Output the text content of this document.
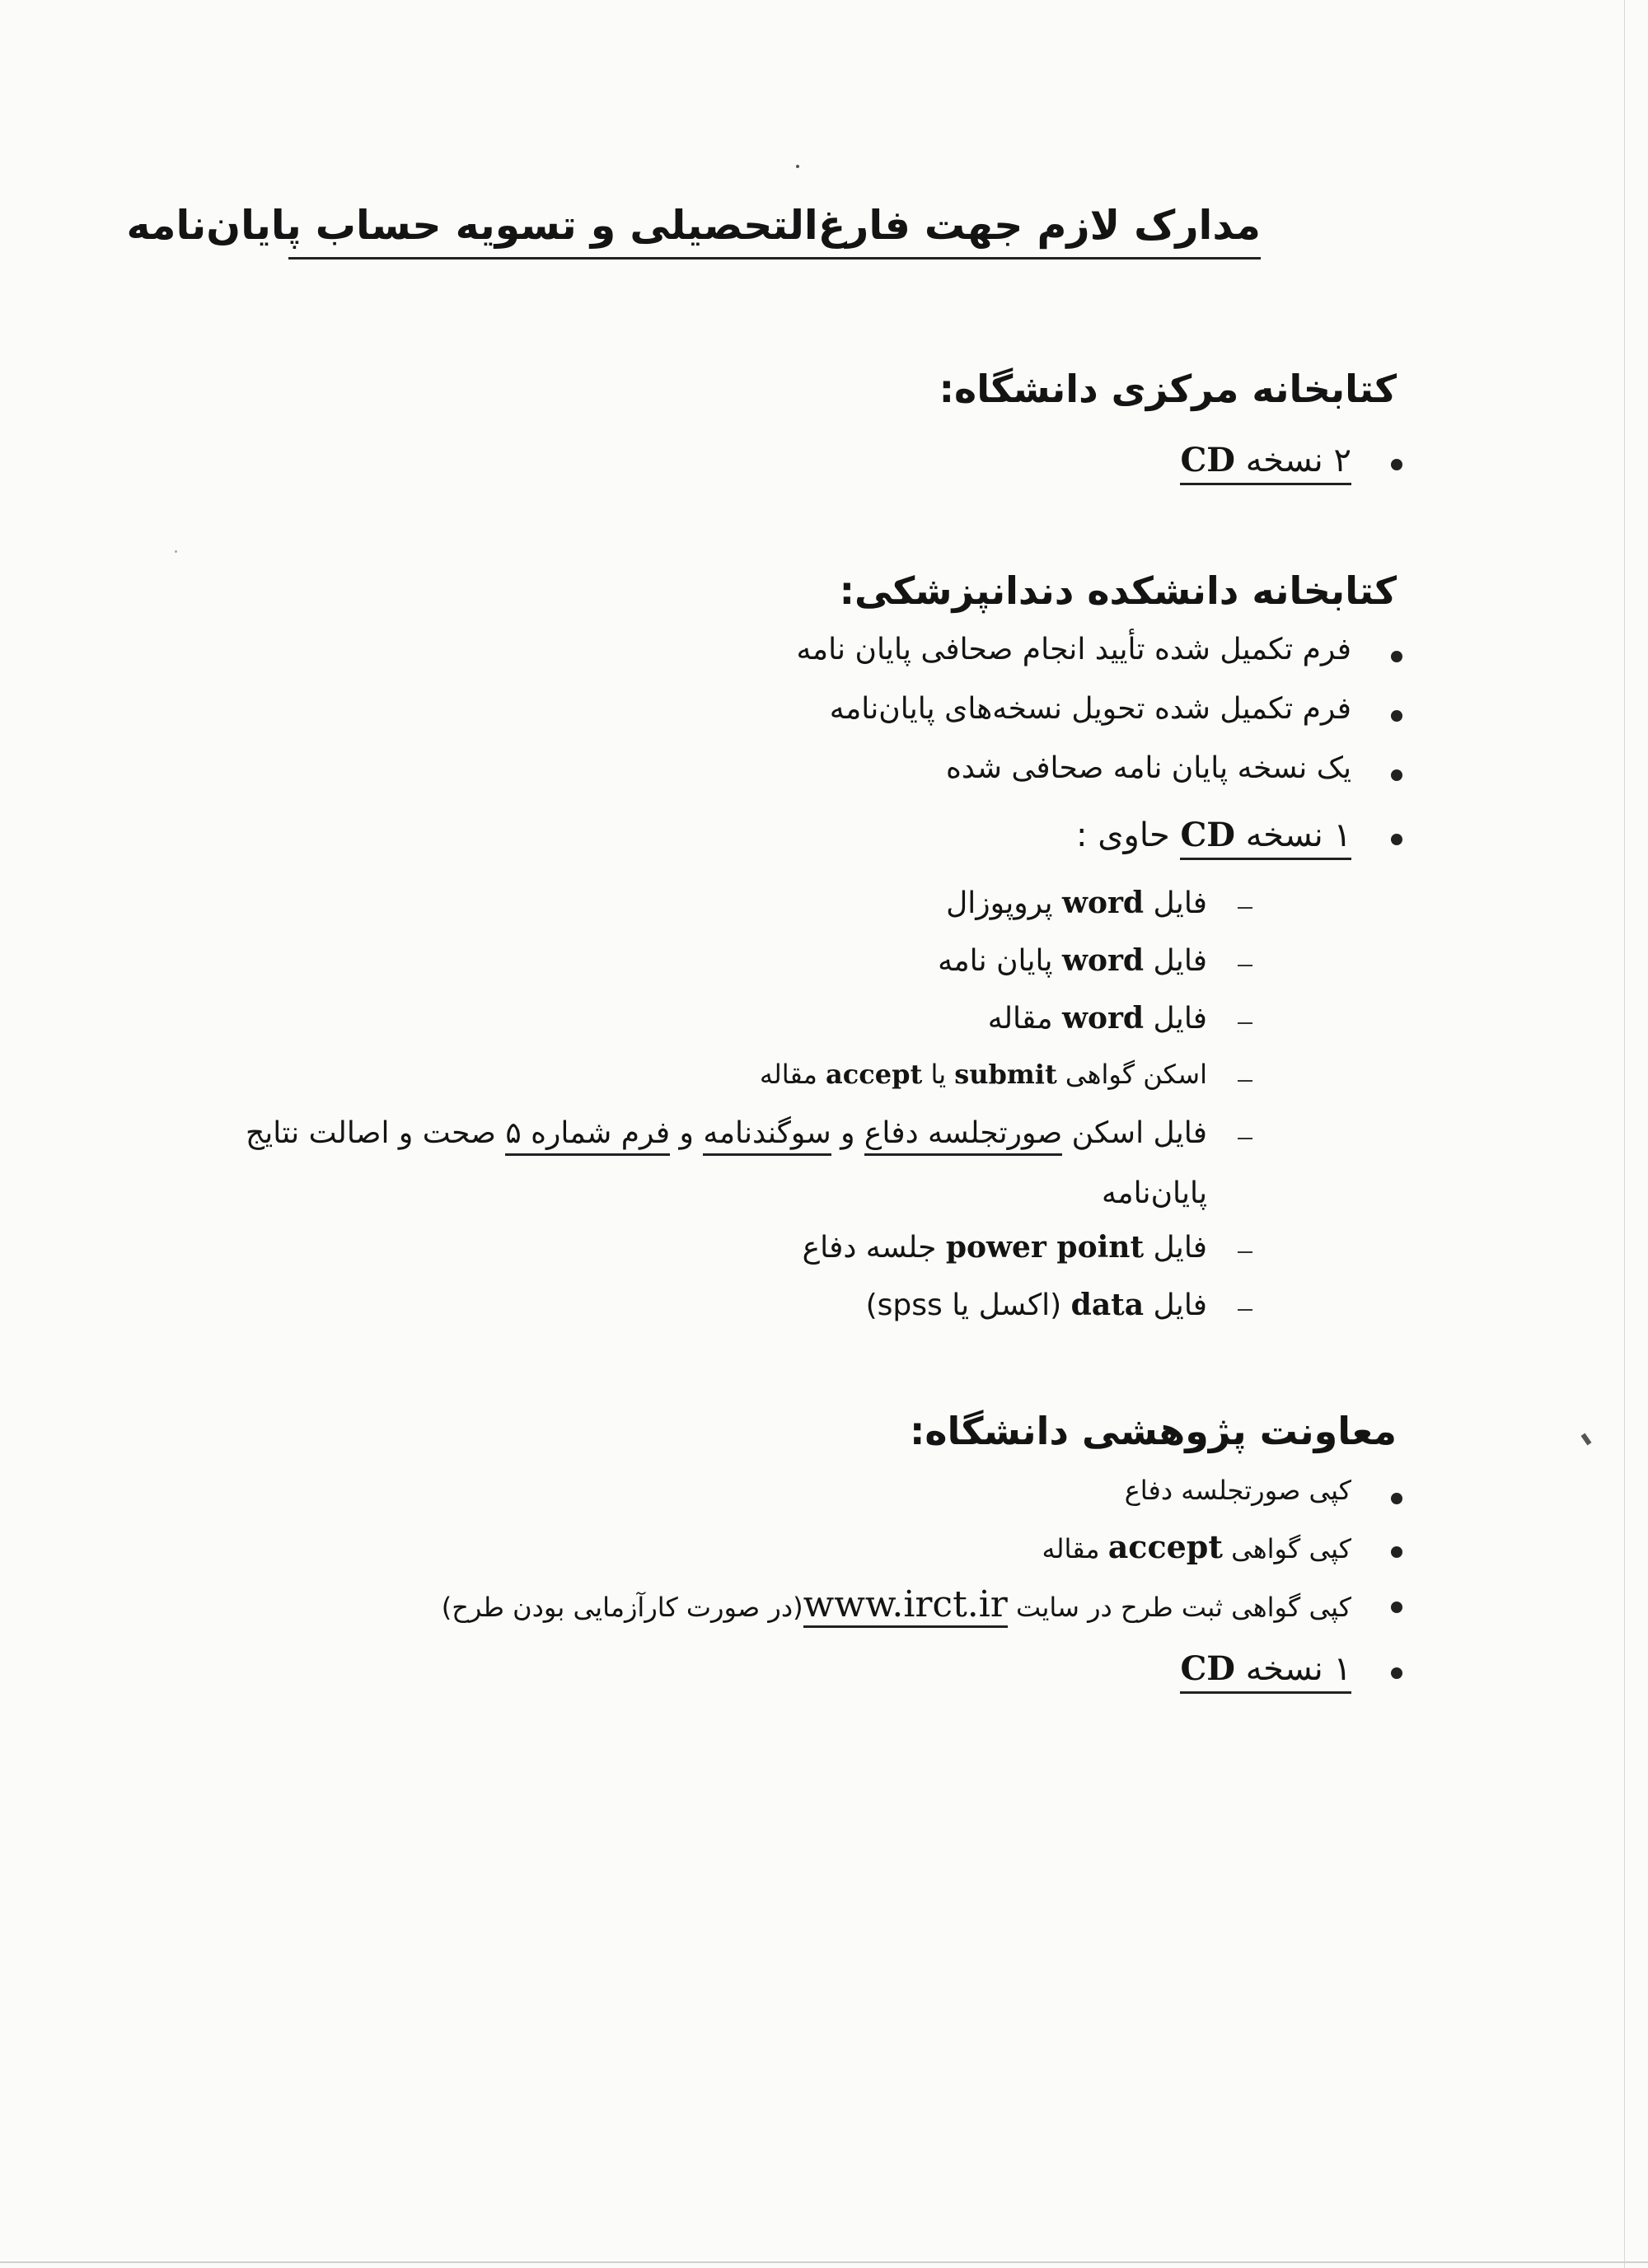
مدارک لازم جهت فارغ‌التحصیلی و تسویه حساب پایان‌نامه
کتابخانه مرکزی دانشگاه:
۲ نسخه CD
کتابخانه دانشکده دندانپزشکی:
فرم تکمیل شده تأیید انجام صحافی پایان نامه
فرم تکمیل شده تحویل نسخه‌های پایان‌نامه
یک نسخه پایان نامه صحافی شده
۱ نسخه CD حاوی :
فایل word پروپوزال
فایل word پایان نامه
فایل word مقاله
اسکن گواهی submit یا accept مقاله
فایل اسکن صورتجلسه دفاع و سوگندنامه و فرم شماره ۵ صحت و اصالت نتایج
پایان‌نامه
فایل power point جلسه دفاع
فایل data (اکسل یا spss)
معاونت پژوهشی دانشگاه:
کپی صورتجلسه دفاع
کپی گواهی accept مقاله
کپی گواهی ثبت طرح در سایت www.irct.ir(در صورت کارآزمایی بودن طرح)
۱ نسخه CD
